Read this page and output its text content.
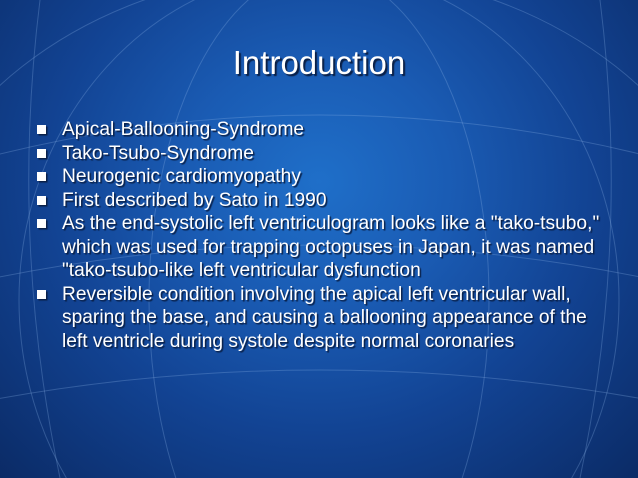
Introduction
Apical-Ballooning-Syndrome
Tako-Tsubo-Syndrome
Neurogenic cardiomyopathy
First described by Sato in 1990
As the end-systolic left ventriculogram looks like a "tako-tsubo," which was used for trapping octopuses in Japan, it was named "tako-tsubo-like left ventricular dysfunction
Reversible condition involving the apical left ventricular wall, sparing the base, and causing a ballooning appearance of the left ventricle during systole despite normal coronaries
